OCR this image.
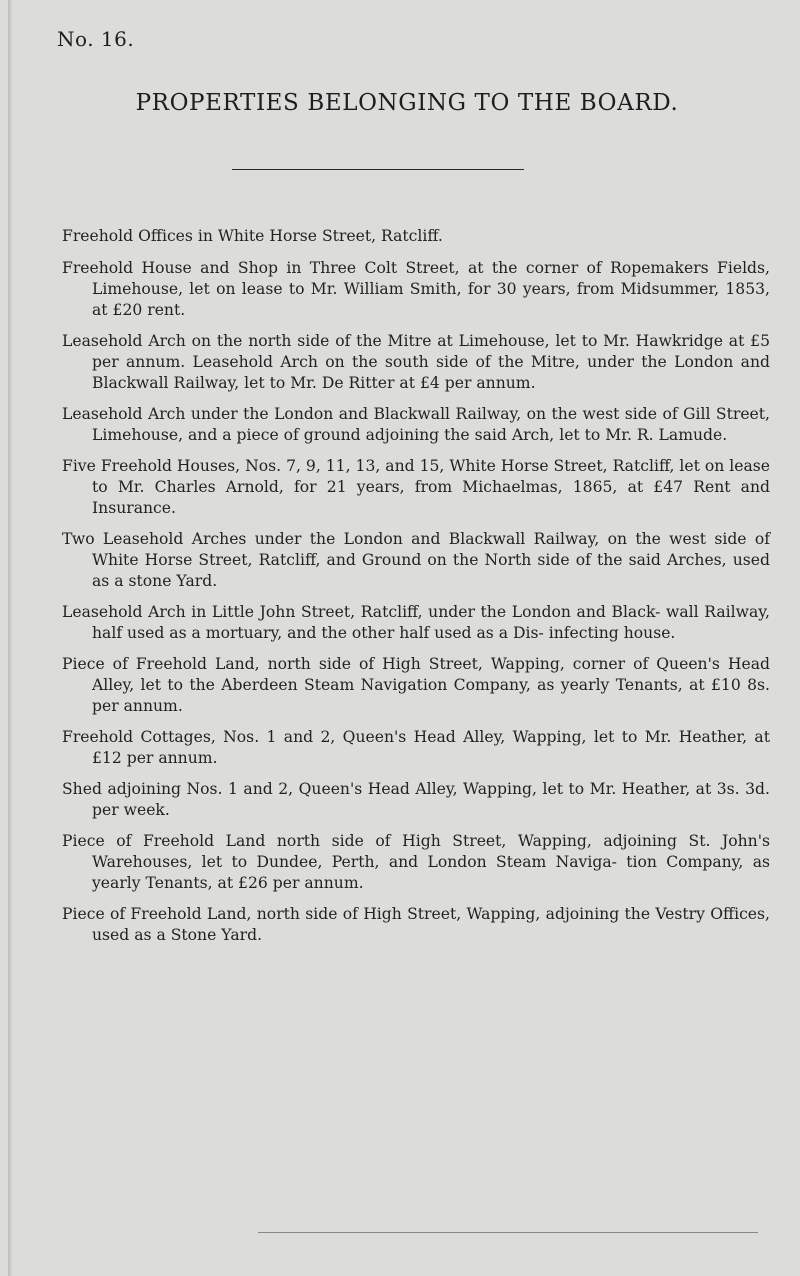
No. 16.
PROPERTIES BELONGING TO THE BOARD.
Freehold Offices in White Horse Street, Ratcliff.
Freehold House and Shop in Three Colt Street, at the corner of Ropemakers Fields, Limehouse, let on lease to Mr. William Smith, for 30 years, from Midsummer, 1853, at £20 rent.
Leasehold Arch on the north side of the Mitre at Limehouse, let to Mr. Hawkridge at £5 per annum. Leasehold Arch on the south side of the Mitre, under the London and Blackwall Railway, let to Mr. De Ritter at £4 per annum.
Leasehold Arch under the London and Blackwall Railway, on the west side of Gill Street, Limehouse, and a piece of ground adjoining the said Arch, let to Mr. R. Lamude.
Five Freehold Houses, Nos. 7, 9, 11, 13, and 15, White Horse Street, Ratcliff, let on lease to Mr. Charles Arnold, for 21 years, from Michaelmas, 1865, at £47 Rent and Insurance.
Two Leasehold Arches under the London and Blackwall Railway, on the west side of White Horse Street, Ratcliff, and Ground on the North side of the said Arches, used as a stone Yard.
Leasehold Arch in Little John Street, Ratcliff, under the London and Black- wall Railway, half used as a mortuary, and the other half used as a Dis- infecting house.
Piece of Freehold Land, north side of High Street, Wapping, corner of Queen's Head Alley, let to the Aberdeen Steam Navigation Company, as yearly Tenants, at £10 8s. per annum.
Freehold Cottages, Nos. 1 and 2, Queen's Head Alley, Wapping, let to Mr. Heather, at £12 per annum.
Shed adjoining Nos. 1 and 2, Queen's Head Alley, Wapping, let to Mr. Heather, at 3s. 3d. per week.
Piece of Freehold Land north side of High Street, Wapping, adjoining St. John's Warehouses, let to Dundee, Perth, and London Steam Naviga- tion Company, as yearly Tenants, at £26 per annum.
Piece of Freehold Land, north side of High Street, Wapping, adjoining the Vestry Offices, used as a Stone Yard.
